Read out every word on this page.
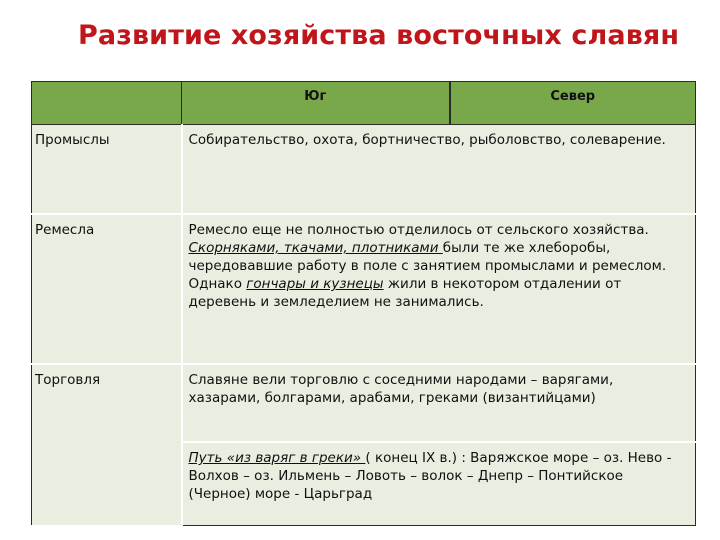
Развитие хозяйства восточных славян

	Юг	Север

Промыслы	Собирательство, охота, бортничество, рыболовство, солеварение.	

Ремесла	Ремесло еще не полностью отделилось от сельского хозяйства. Скорняками, ткачами, плотниками были те же хлеборобы, чередовавшие работу в поле с занятием промыслами и ремеслом. Однако гончары и кузнецы жили в некотором отдалении от деревень и земледелием не занимались.	

Торговля	Славяне вели торговлю с соседними народами – варягами, хазарами, болгарами, арабами, греками (византийцами)	

	Путь «из варяг в греки» ( конец IX в.) : Варяжское море – оз. Нево - Волхов – оз. Ильмень – Ловоть – волок – Днепр – Понтийское (Черное) море - Царьград	
